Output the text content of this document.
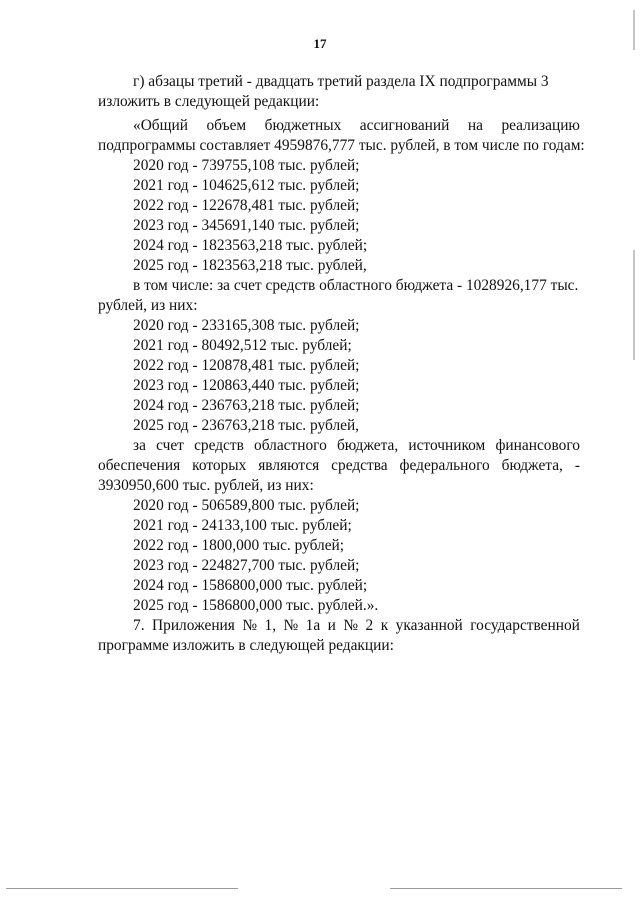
17
г) абзацы третий - двадцать третий раздела IX подпрограммы 3
изложить в следующей редакции:
«Общий объем бюджетных ассигнований на реализацию
подпрограммы составляет 4959876,777 тыс. рублей, в том числе по годам:
2020 год - 739755,108 тыс. рублей;
2021 год - 104625,612 тыс. рублей;
2022 год - 122678,481 тыс. рублей;
2023 год - 345691,140 тыс. рублей;
2024 год - 1823563,218 тыс. рублей;
2025 год - 1823563,218 тыс. рублей,
в том числе: за счет средств областного бюджета - 1028926,177 тыс.
рублей, из них:
2020 год - 233165,308 тыс. рублей;
2021 год - 80492,512 тыс. рублей;
2022 год - 120878,481 тыс. рублей;
2023 год - 120863,440 тыс. рублей;
2024 год - 236763,218 тыс. рублей;
2025 год - 236763,218 тыс. рублей,
за счет средств областного бюджета, источником финансового
обеспечения которых являются средства федерального бюджета, -
3930950,600 тыс. рублей, из них:
2020 год - 506589,800 тыс. рублей;
2021 год - 24133,100 тыс. рублей;
2022 год - 1800,000 тыс. рублей;
2023 год - 224827,700 тыс. рублей;
2024 год - 1586800,000 тыс. рублей;
2025 год - 1586800,000 тыс. рублей.».
7. Приложения № 1, № 1а и № 2 к указанной государственной
программе изложить в следующей редакции:
